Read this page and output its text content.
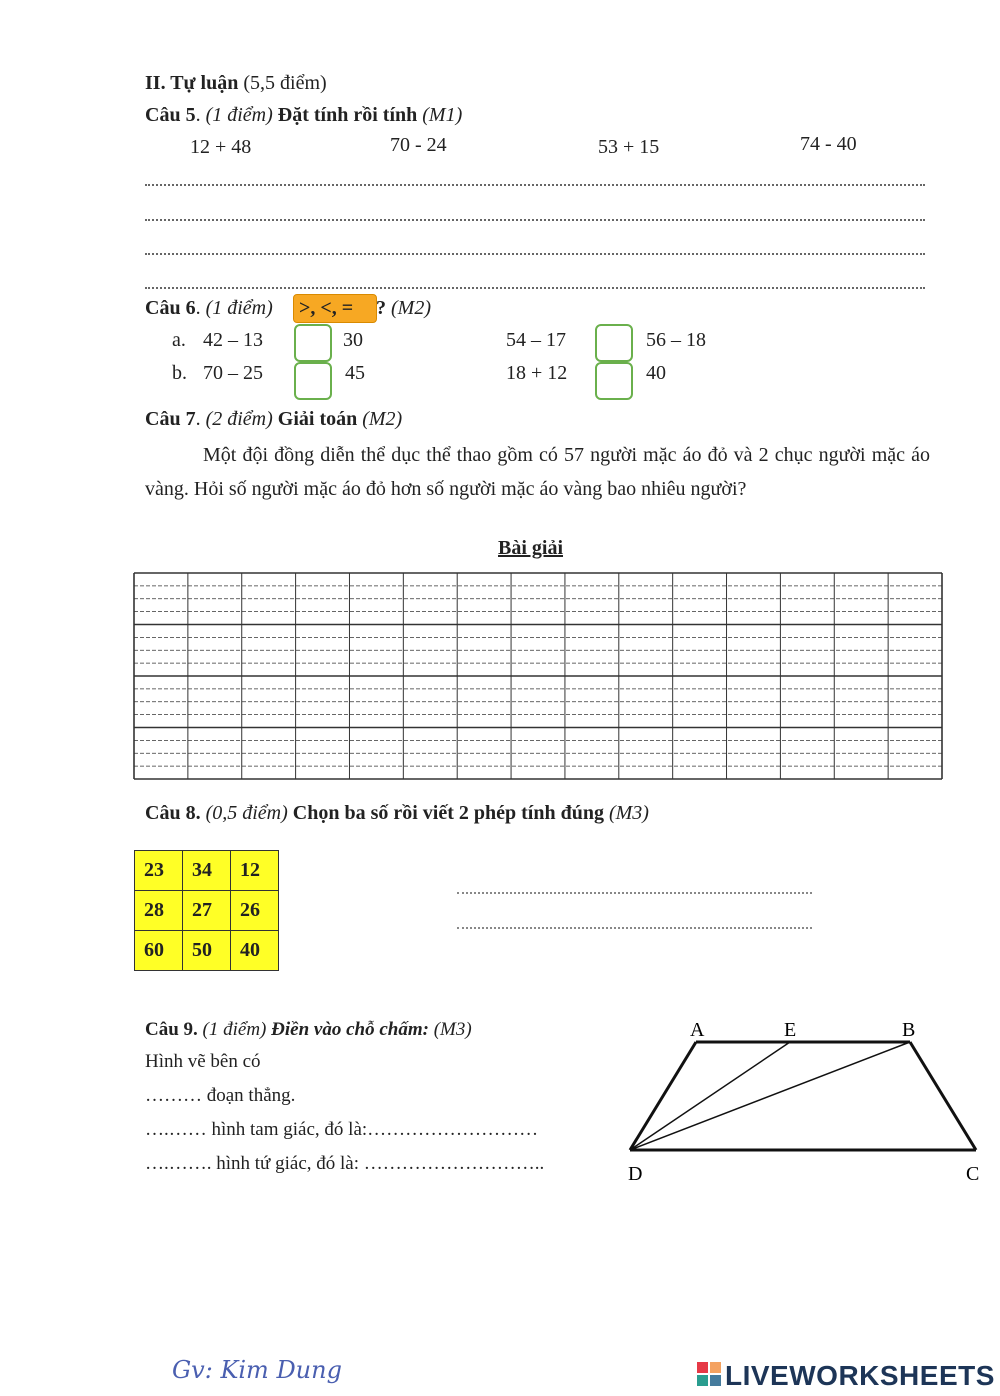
II. Tự luận (5,5 điểm)
Câu 5. (1 điểm) Đặt tính rồi tính (M1)
12 + 48	70 - 24	53 + 15	74 - 40
Câu 6. (1 điểm) >, <, = ? (M2)
a. 42 – 13	30	54 – 17	56 – 18
b. 70 – 25	45	18 + 12	40
Câu 7. (2 điểm) Giải toán (M2)

Một đội đồng diễn thể dục thể thao gồm có 57 người mặc áo đỏ và 2 chục người mặc áo vàng. Hỏi số người mặc áo đỏ hơn số người mặc áo vàng bao nhiêu người?

Bài giải
Câu 8. (0,5 điểm) Chọn ba số rồi viết 2 phép tính đúng (M3)
23	34	12
28	27	26
60	50	40
Câu 9. (1 điểm) Điền vào chỗ chấm: (M3)
Hình vẽ bên có
……… đoạn thẳng.
….…… hình tam giác, đó là:………………………
….……. hình tứ giác, đó là: ………………………..
A	E	B
D	C
Gv: Kim Dung	LIVEWORKSHEETS
